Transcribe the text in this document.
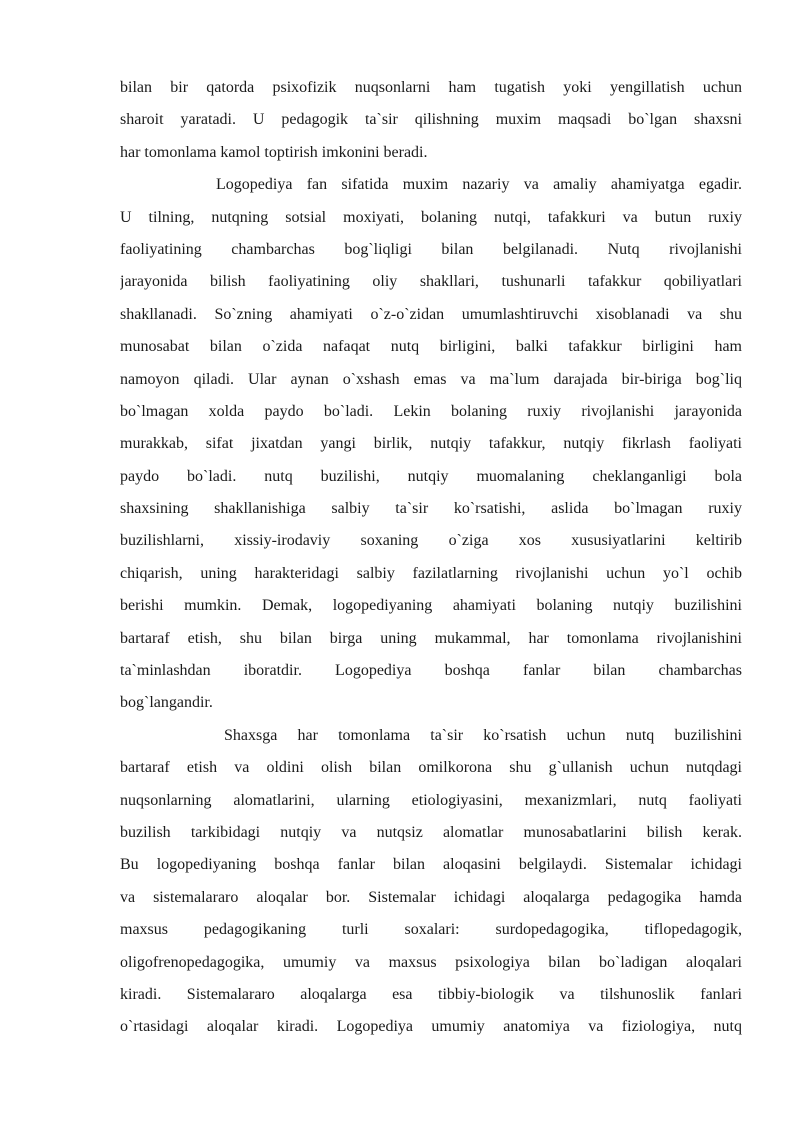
bilan bir qatorda psixofizik nuqsonlarni ham tugatish yoki yengillatish uchun
sharoit yaratadi. U pedagogik ta`sir qilishning muxim maqsadi bo`lgan shaxsni
har tomonlama kamol toptirish imkonini beradi.

Logopediya fan sifatida muxim nazariy va amaliy ahamiyatga egadir.
U tilning, nutqning sotsial moxiyati, bolaning nutqi, tafakkuri va butun ruxiy
faoliyatining chambarchas bog`liqligi bilan belgilanadi. Nutq rivojlanishi
jarayonida bilish faoliyatining oliy shakllari, tushunarli tafakkur qobiliyatlari
shakllanadi. So`zning ahamiyati o`z-o`zidan umumlashtiruvchi xisoblanadi va shu
munosabat bilan o`zida nafaqat nutq birligini, balki tafakkur birligini ham
namoyon qiladi. Ular aynan o`xshash emas va ma`lum darajada bir-biriga bog`liq
bo`lmagan xolda paydo bo`ladi. Lekin bolaning ruxiy rivojlanishi jarayonida
murakkab, sifat jixatdan yangi birlik, nutqiy tafakkur, nutqiy fikrlash faoliyati
paydo bo`ladi. nutq buzilishi, nutqiy muomalaning cheklanganligi bola
shaxsining shakllanishiga salbiy ta`sir ko`rsatishi, aslida bo`lmagan ruxiy
buzilishlarni, xissiy-irodaviy soxaning o`ziga xos xususiyatlarini keltirib
chiqarish, uning harakteridagi salbiy fazilatlarning rivojlanishi uchun yo`l ochib
berishi mumkin. Demak, logopediyaning ahamiyati bolaning nutqiy buzilishini
bartaraf etish, shu bilan birga uning mukammal, har tomonlama rivojlanishini
ta`minlashdan iboratdir. Logopediya boshqa fanlar bilan chambarchas
bog`langandir.

Shaxsga har tomonlama ta`sir ko`rsatish uchun nutq buzilishini
bartaraf etish va oldini olish bilan omilkorona shu g`ullanish uchun nutqdagi
nuqsonlarning alomatlarini, ularning etiologiyasini, mexanizmlari, nutq faoliyati
buzilish tarkibidagi nutqiy va nutqsiz alomatlar munosabatlarini bilish kerak.
Bu logopediyaning boshqa fanlar bilan aloqasini belgilaydi. Sistemalar ichidagi
va sistemalararo aloqalar bor. Sistemalar ichidagi aloqalarga pedagogika hamda
maxsus pedagogikaning turli soxalari: surdopedagogika, tiflopedagogik,
oligofrenopedagogika, umumiy va maxsus psixologiya bilan bo`ladigan aloqalari
kiradi. Sistemalararo aloqalarga esa tibbiy-biologik va tilshunoslik fanlari
o`rtasidagi aloqalar kiradi. Logopediya umumiy anatomiya va fiziologiya, nutq
